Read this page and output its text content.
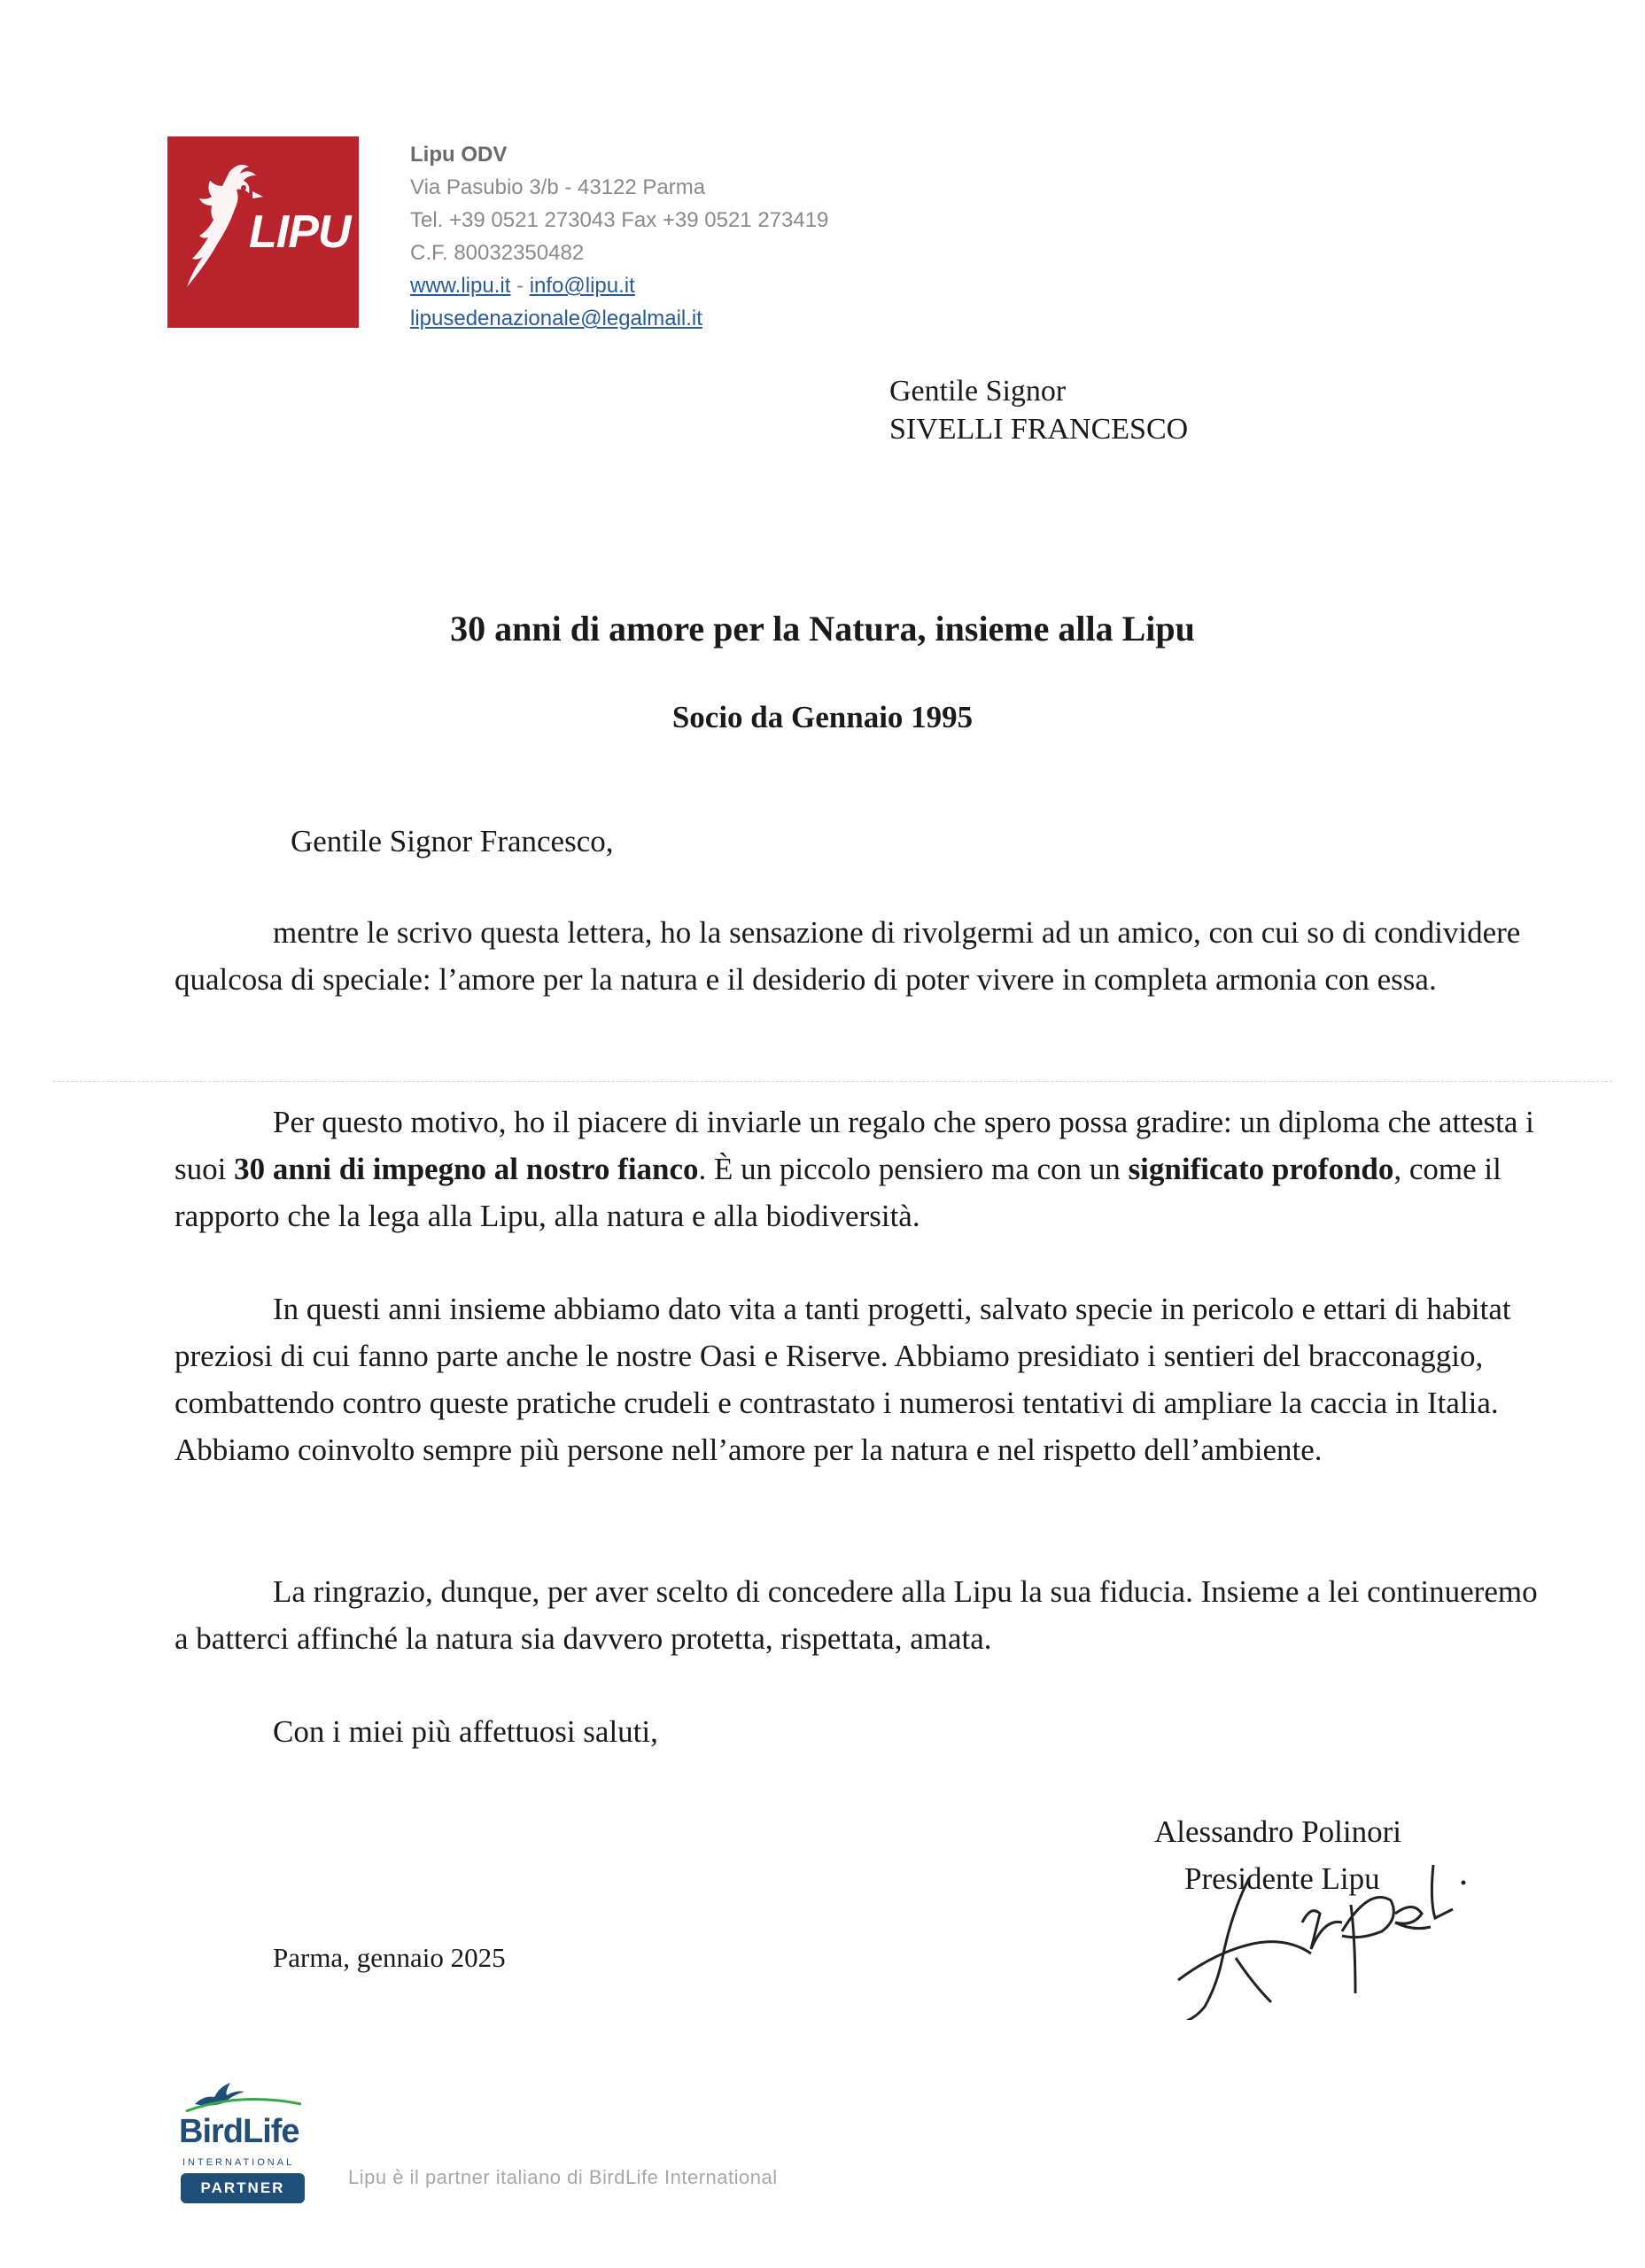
LIPU
Lipu ODV
Via Pasubio 3/b - 43122 Parma
Tel. +39 0521 273043 Fax +39 0521 273419
C.F. 80032350482
www.lipu.it - info@lipu.it
lipusedenazionale@legalmail.it
Gentile Signor
SIVELLI FRANCESCO
30 anni di amore per la Natura, insieme alla Lipu
Socio da Gennaio 1995
Gentile Signor Francesco,

mentre le scrivo questa lettera, ho la sensazione di rivolgermi ad un amico, con cui so di condividere qualcosa di speciale: l’amore per la natura e il desiderio di poter vivere in completa armonia con essa.

Per questo motivo, ho il piacere di inviarle un regalo che spero possa gradire: un diploma che attesta i suoi 30 anni di impegno al nostro fianco. È un piccolo pensiero ma con un significato profondo, come il rapporto che la lega alla Lipu, alla natura e alla biodiversità.

In questi anni insieme abbiamo dato vita a tanti progetti, salvato specie in pericolo e ettari di habitat preziosi di cui fanno parte anche le nostre Oasi e Riserve. Abbiamo presidiato i sentieri del bracconaggio, combattendo contro queste pratiche crudeli e contrastato i numerosi tentativi di ampliare la caccia in Italia. Abbiamo coinvolto sempre più persone nell’amore per la natura e nel rispetto dell’ambiente.

La ringrazio, dunque, per aver scelto di concedere alla Lipu la sua fiducia. Insieme a lei continueremo a batterci affinché la natura sia davvero protetta, rispettata, amata.

Con i miei più affettuosi saluti,

Alessandro Polinori
Presidente Lipu
Parma, gennaio 2025
BirdLife
INTERNATIONAL
PARTNER	Lipu è il partner italiano di BirdLife International
